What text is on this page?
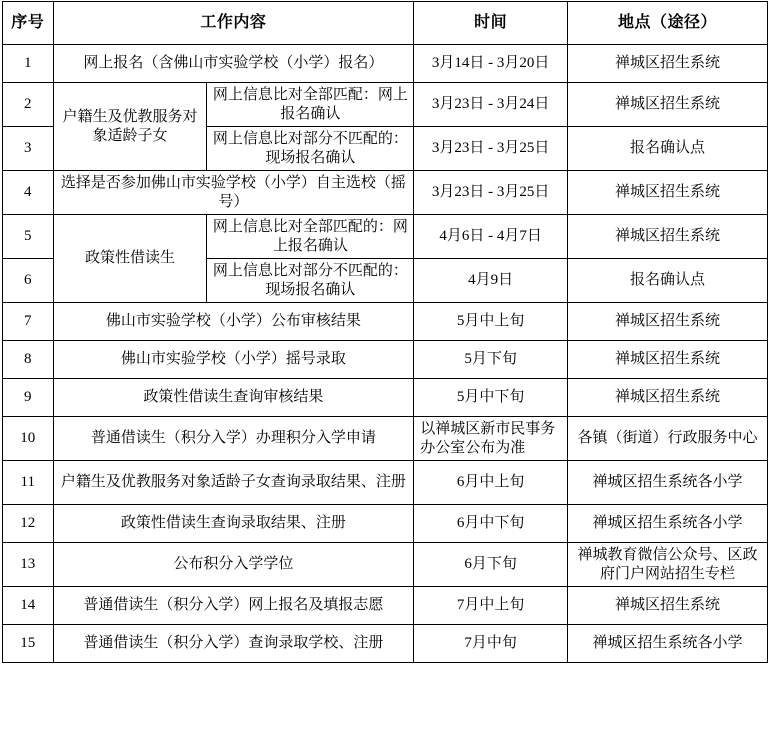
序号	工作内容		时间	地点（途径）
1	网上报名（含佛山市实验学校（小学）报名）		3月14日 - 3月20日	禅城区招生系统
2	户籍生及优教服务对象适龄子女	网上信息比对全部匹配：网上报名确认	3月23日 - 3月24日	禅城区招生系统
3		网上信息比对部分不匹配的：现场报名确认	3月23日 - 3月25日	报名确认点
4	选择是否参加佛山市实验学校（小学）自主选校（摇号）		3月23日 - 3月25日	禅城区招生系统
5	政策性借读生	网上信息比对全部匹配的：网上报名确认	4月6日 - 4月7日	禅城区招生系统
6		网上信息比对部分不匹配的：现场报名确认	4月9日	报名确认点
7	佛山市实验学校（小学）公布审核结果		5月中上旬	禅城区招生系统
8	佛山市实验学校（小学）摇号录取		5月下旬	禅城区招生系统
9	政策性借读生查询审核结果		5月中下旬	禅城区招生系统
10	普通借读生（积分入学）办理积分入学申请		以禅城区新市民事务办公室公布为准	各镇（街道）行政服务中心
11	户籍生及优教服务对象适龄子女查询录取结果、注册		6月中上旬	禅城区招生系统各小学
12	政策性借读生查询录取结果、注册		6月中下旬	禅城区招生系统各小学
13	公布积分入学学位		6月下旬	禅城教育微信公众号、区政府门户网站招生专栏
14	普通借读生（积分入学）网上报名及填报志愿		7月中上旬	禅城区招生系统
15	普通借读生（积分入学）查询录取学校、注册		7月中旬	禅城区招生系统各小学
